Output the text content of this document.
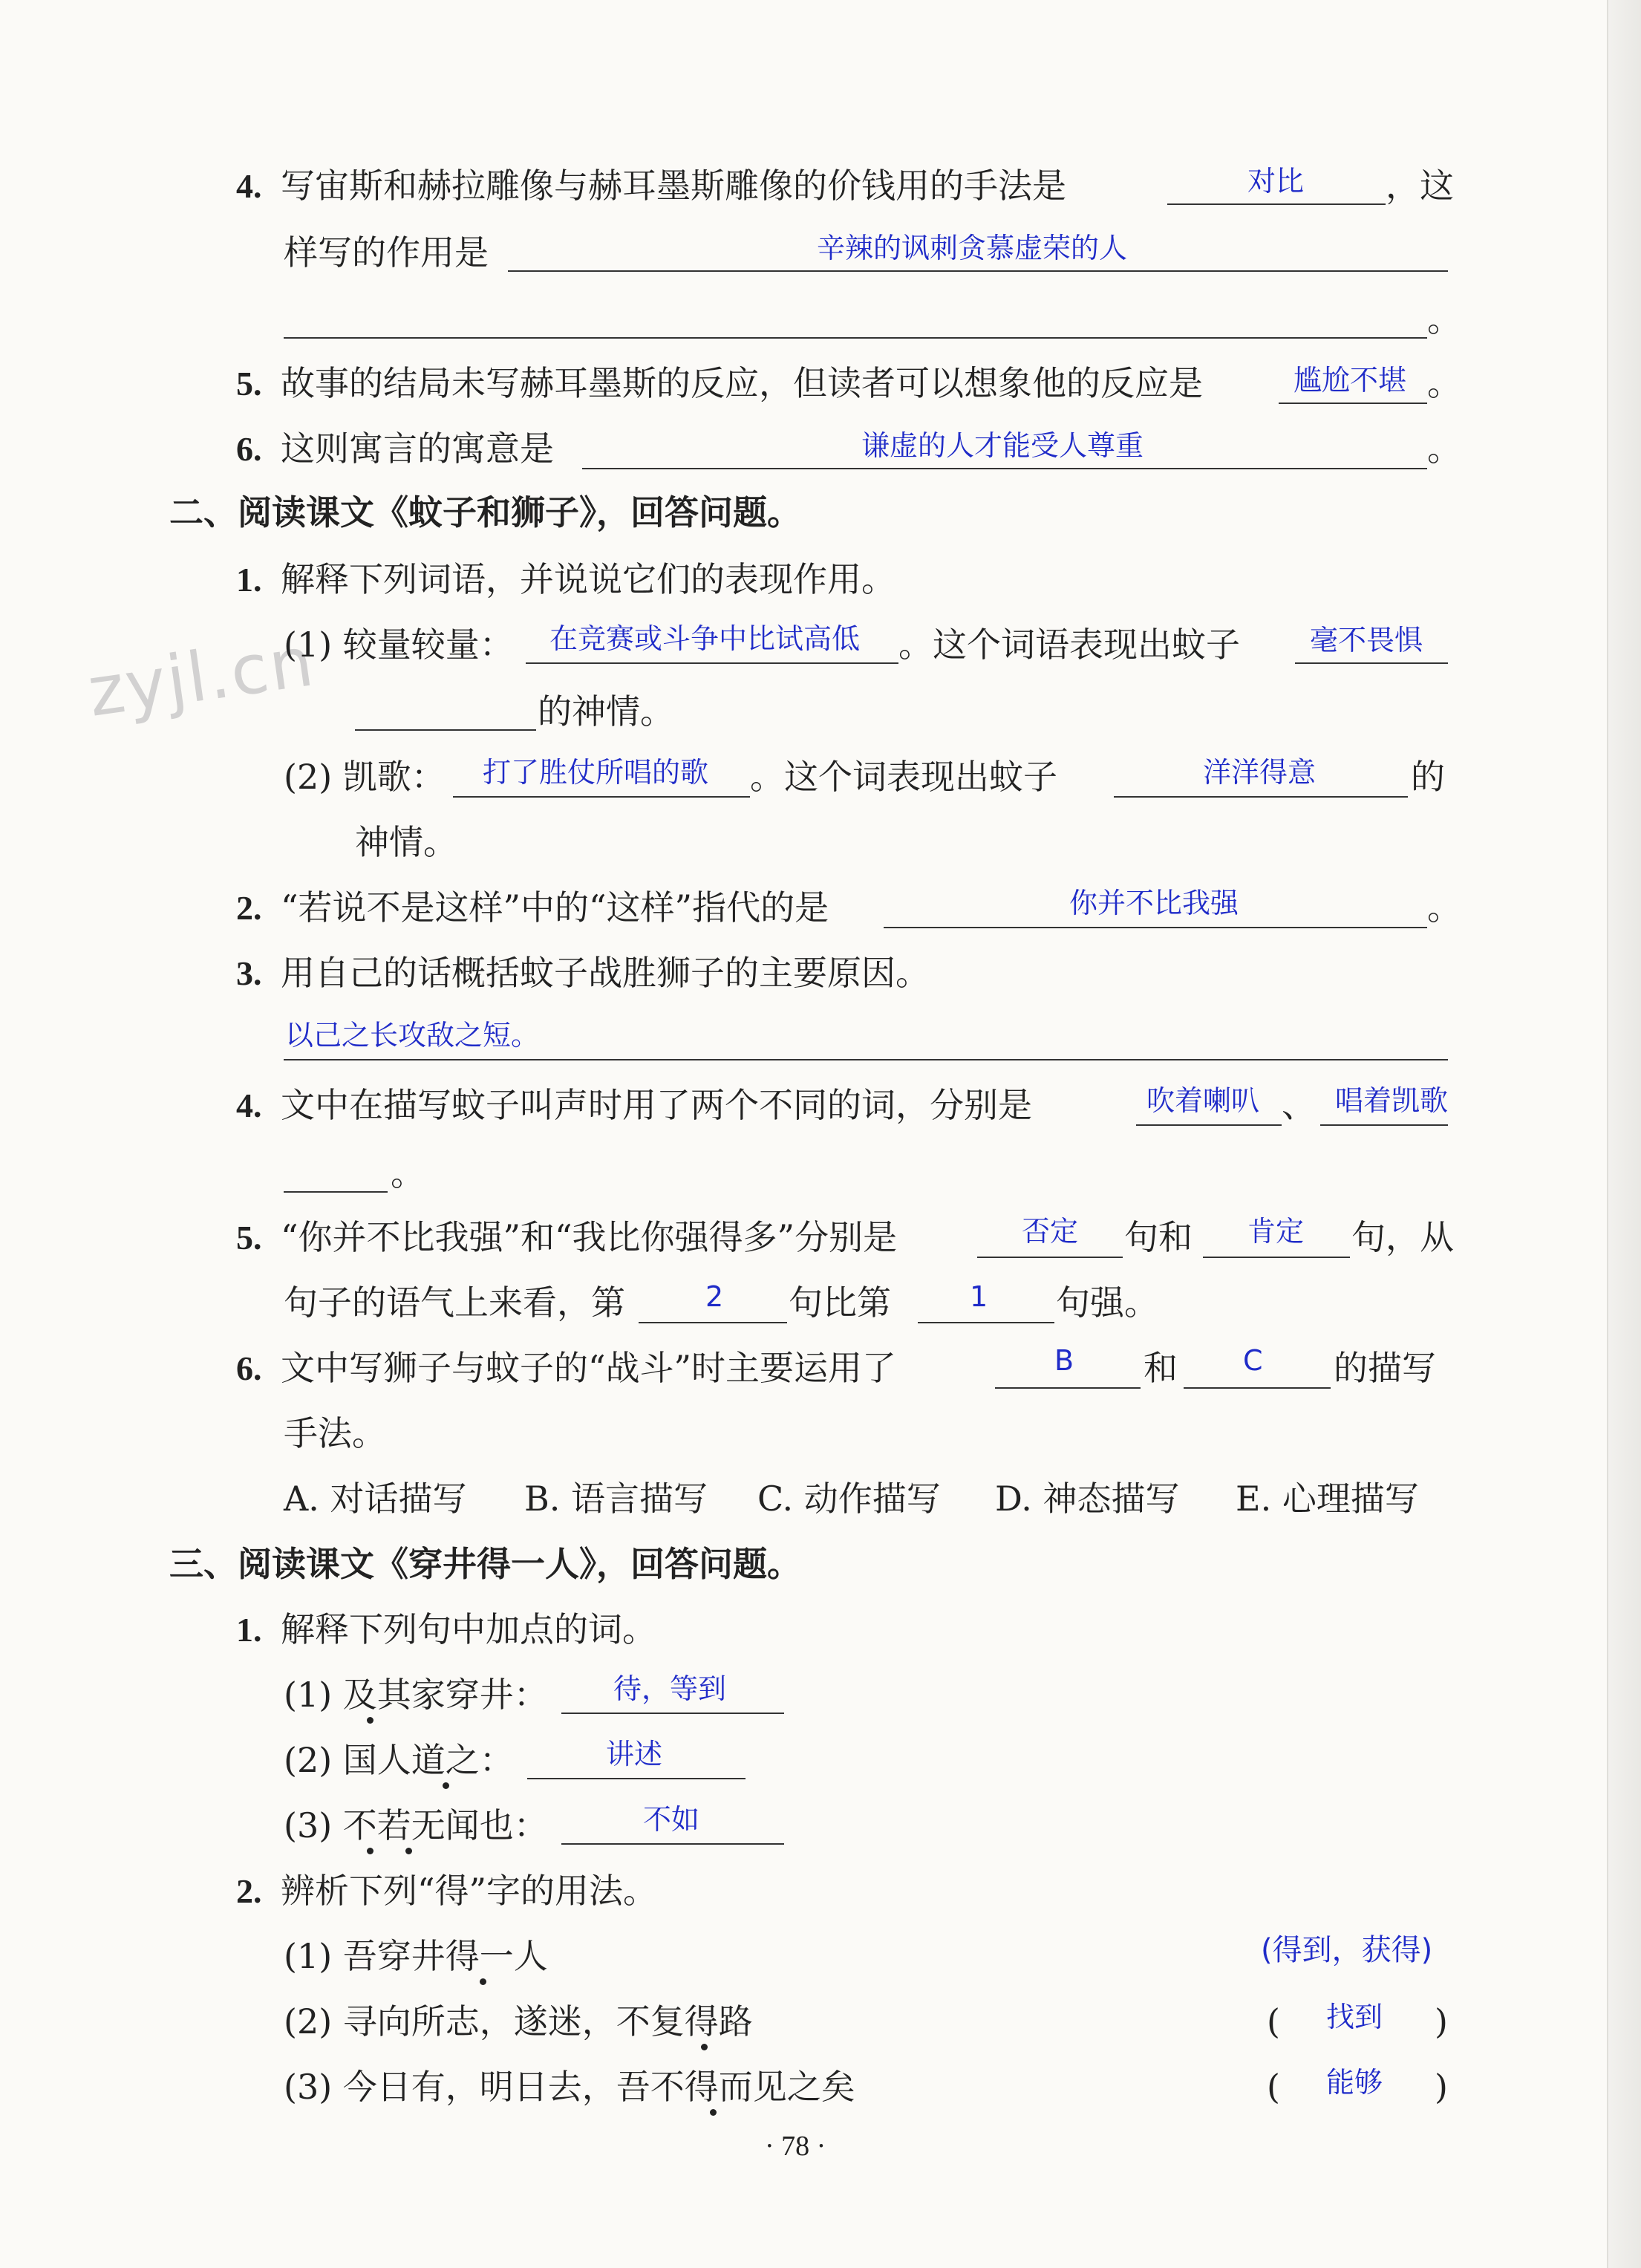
zyjl.cn
4. 写宙斯和赫拉雕像与赫耳墨斯雕像的价钱用的手法是	对比 ，这
样写的作用是	辛辣的讽刺贪慕虚荣的人
。
5. 故事的结局未写赫耳墨斯的反应，但读者可以想象他的反应是	尴尬不堪 。
6. 这则寓言的寓意是	谦虚的人才能受人尊重	。
二、阅读课文《蚊子和狮子》，回答问题。
1. 解释下列词语，并说说它们的表现作用。
(1) 较量较量： 在竞赛或斗争中比试高低 。这个词语表现出蚊子 毫不畏惧
的神情。
(2) 凯歌： 打了胜仗所唱的歌 。这个词表现出蚊子	洋洋得意	的
神情。
2. “若说不是这样”中的“这样”指代的是	你并不比我强	。
3. 用自己的话概括蚊子战胜狮子的主要原因。
以己之长攻敌之短。
4. 文中在描写蚊子叫声时用了两个不同的词，分别是	吹着喇叭 、 唱着凯歌
。
5. “你并不比我强”和“我比你强得多”分别是	否定 句和 肯定 句，从
句子的语气上来看，第	2 句比第	1 句强。
6. 文中写狮子与蚊子的“战斗”时主要运用了	B 和 C 的描写
手法。
A. 对话描写 B. 语言描写 C. 动作描写 D. 神态描写 E. 心理描写
三、阅读课文《穿井得一人》，回答问题。
1. 解释下列句中加点的词。
(1) 及其家穿井： 待，等到
(2) 国人道之：	讲述
(3) 不若无闻也：	不如
2. 辨析下列“得”字的用法。
(1) 吾穿井得一人	(得到，获得)
(2) 寻向所志，遂迷，不复得路	( 找到 )
(3) 今日有，明日去，吾不得而见之矣	( 能够 )
· 78 ·
